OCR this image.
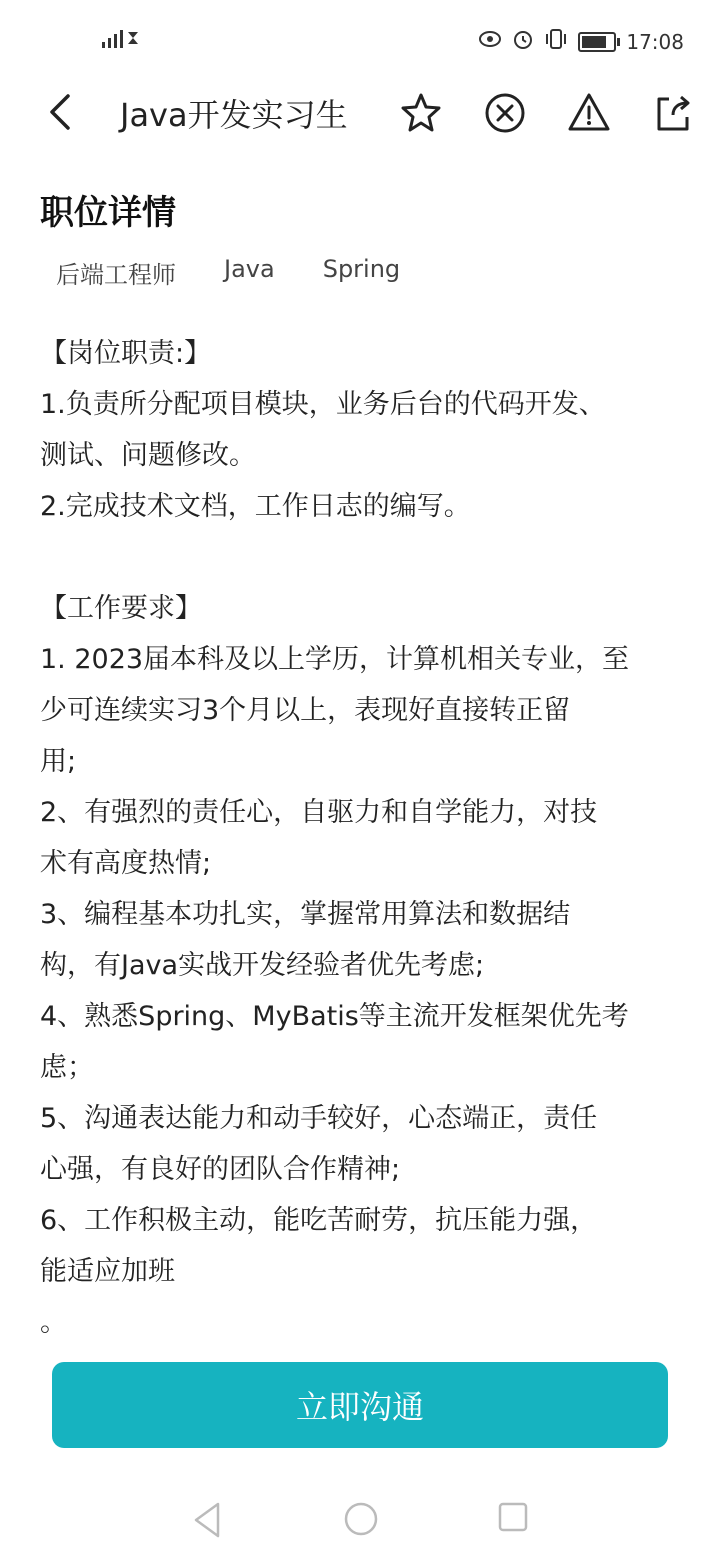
17:08
Java开发实习生
职位详情
后端工程师 Java Spring

【岗位职责:】
1.负责所分配项目模块，业务后台的代码开发、
测试、问题修改。
2.完成技术文档，工作日志的编写。

【工作要求】
1. 2023届本科及以上学历，计算机相关专业，至
少可连续实习3个月以上，表现好直接转正留
用;
2、有强烈的责任心，自驱力和自学能力，对技
术有高度热情;
3、编程基本功扎实，掌握常用算法和数据结
构，有Java实战开发经验者优先考虑;
4、熟悉Spring、MyBatis等主流开发框架优先考
虑；
5、沟通表达能力和动手较好，心态端正，责任
心强，有良好的团队合作精神;
6、工作积极主动，能吃苦耐劳，抗压能力强，
能适应加班
。

立即沟通
